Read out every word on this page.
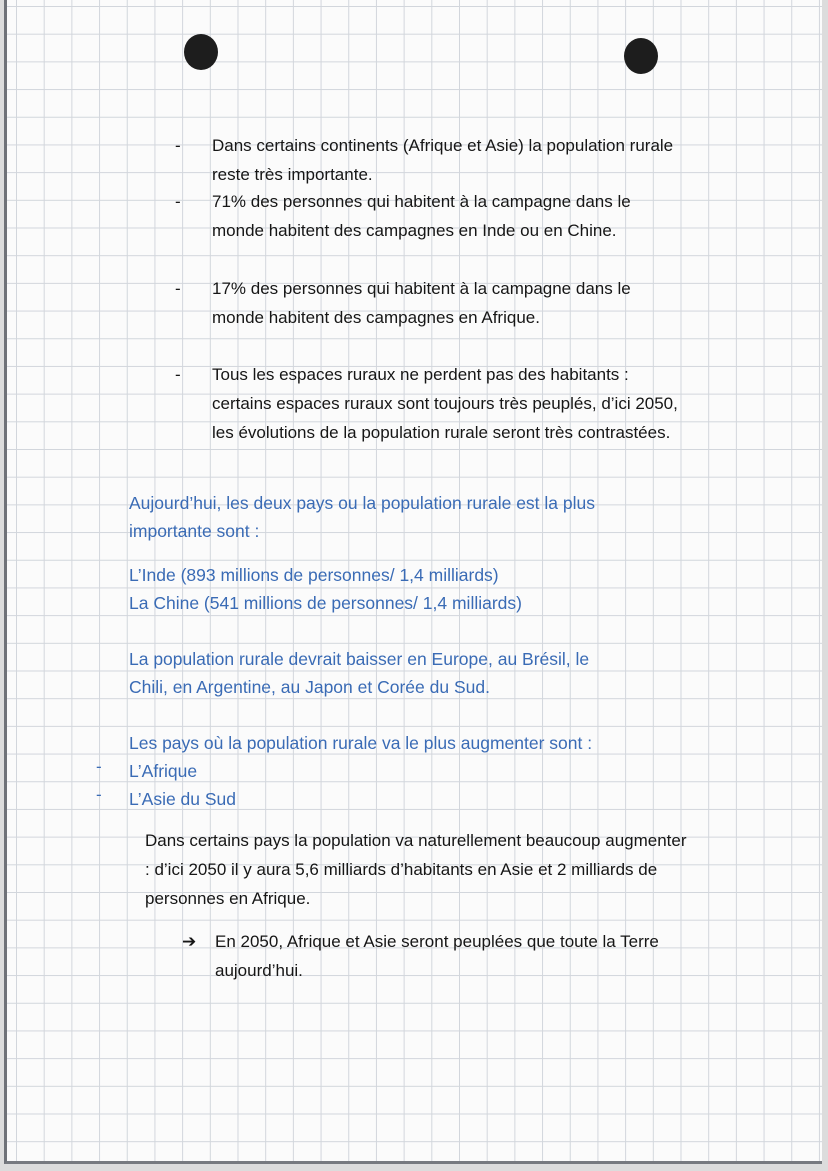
-	Dans certains continents (Afrique et Asie) la population rurale reste très importante.
-	71% des personnes qui habitent à la campagne dans le monde habitent des campagnes en Inde ou en Chine.
-	17% des personnes qui habitent à la campagne dans le monde habitent des campagnes en Afrique.
-	Tous les espaces ruraux ne perdent pas des habitants : certains espaces ruraux sont toujours très peuplés, d’ici 2050, les évolutions de la population rurale seront très contrastées.
Aujourd’hui, les deux pays ou la population rurale est la plus
importante sont :
L’Inde (893 millions de personnes/ 1,4 milliards)
La Chine (541 millions de personnes/ 1,4 milliards)
La population rurale devrait baisser en Europe, au Brésil, le
Chili, en Argentine, au Japon et Corée du Sud.
Les pays où la population rurale va le plus augmenter sont :
- L’Afrique
- L’Asie du Sud
Dans certains pays la population va naturellement beaucoup augmenter : d’ici 2050 il y aura 5,6 milliards d’habitants en Asie et 2 milliards de personnes en Afrique.
➔	En 2050, Afrique et Asie seront peuplées que toute la Terre aujourd’hui.
